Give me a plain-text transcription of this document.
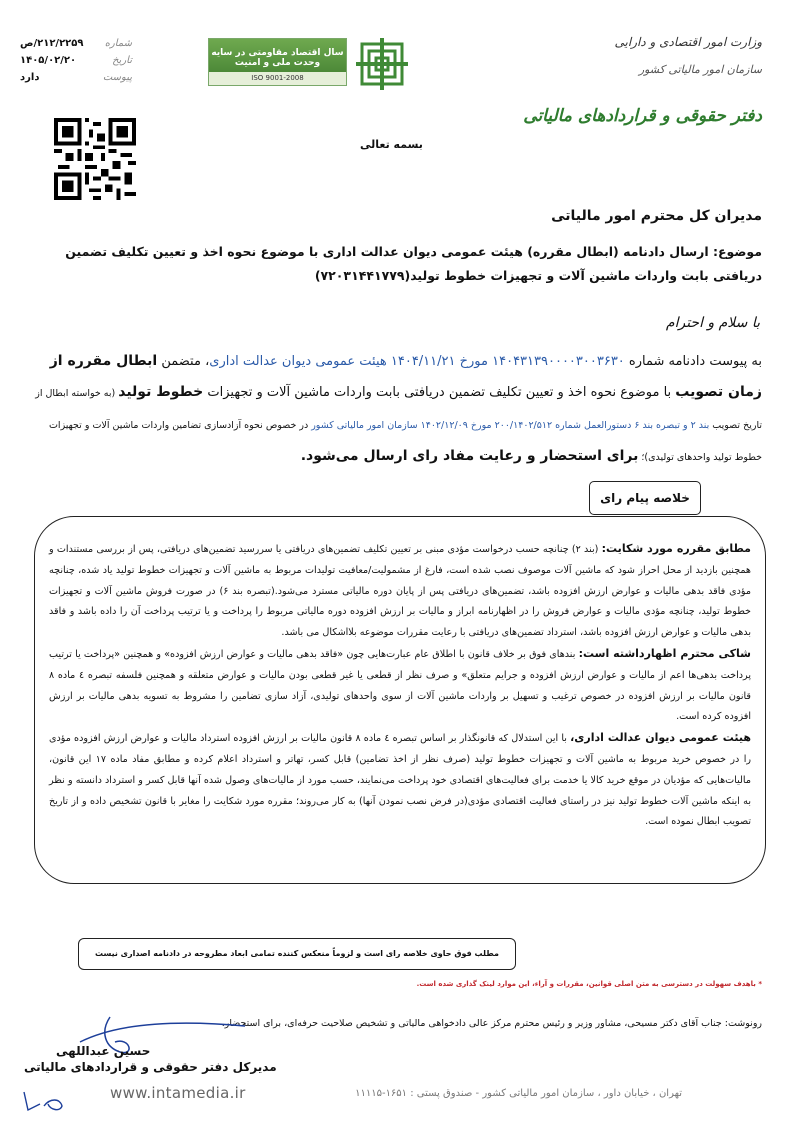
وزارت امور اقتصادی و دارایی
سازمان امور مالیاتی کشور
دفتر حقوقی و قراردادهای مالیاتی
سال اقتصاد مقاومتی در سایه وحدت ملی و امنیت
ISO 9001-2008
شماره
۲۱۲/۲۲۵۹/ص
تاریخ
۱۴۰۵/۰۲/۲۰
پیوست
دارد
بسمه تعالی
مدیران کل محترم امور مالیاتی
موضوع: ارسال دادنامه (ابطال مقرره) هیئت عمومی دیوان عدالت اداری با موضوع نحوه اخذ و تعیین تکلیف تضمین دریافتی بابت واردات ماشین آلات و تجهیزات خطوط تولید(۷۲۰۳۱۴۴۱۷۷۹)
با سلام و احترام
به پیوست دادنامه شماره ۱۴۰۴۳۱۳۹۰۰۰۰۳۰۰۳۶۳۰ مورخ ۱۴۰۴/۱۱/۲۱ هیئت عمومی دیوان عدالت اداری، متضمن ابطال مقرره از زمان تصویب با موضوع نحوه اخذ و تعیین تکلیف تضمین دریافتی بابت واردات ماشین آلات و تجهیزات خطوط تولید (به خواسته ابطال از تاریخ تصویب بند ۲ و تبصره بند ۶ دستورالعمل شماره ۲۰۰/۱۴۰۲/۵۱۲ مورخ ۱۴۰۲/۱۲/۰۹ سازمان امور مالیاتی کشور در خصوص نحوه آزادسازی تضامین واردات ماشین آلات و تجهیزات خطوط تولید واحدهای تولیدی)؛ برای استحضار و رعایت مفاد رای ارسال می‌شود.
خلاصه پیام رای
مطابق مقرره مورد شکایت: (بند ۲) چنانچه حسب درخواست مؤدی مبنی بر تعیین تکلیف تضمین‌های دریافتی یا سررسید تضمین‌های دریافتی، پس از بررسی مستندات و همچنین بازدید از محل احراز شود که ماشین آلات موصوف نصب شده است، فارغ از مشمولیت/معافیت تولیدات مربوط به ماشین آلات و تجهیزات خطوط تولید یاد شده، چنانچه مؤدی فاقد بدهی مالیات و عوارض ارزش افزوده باشد، تضمین‌های دریافتی پس از پایان دوره مالیاتی مسترد می‌شود.(تبصره بند ۶) در صورت فروش ماشین آلات و تجهیزات خطوط تولید، چنانچه مؤدی مالیات و عوارض فروش را در اظهارنامه ابراز و مالیات بر ارزش افزوده دوره مالیاتی مربوط را پرداخت و یا ترتیب پرداخت آن را داده باشد و فاقد بدهی مالیات و عوارض ارزش افزوده باشد، استرداد تضمین‌های دریافتی با رعایت مقررات موضوعه بلااشکال می باشد.
شاکی محترم اظهارداشته است: بندهای فوق بر خلاف قانون با اطلاق عام عبارت‌هایی چون «فاقد بدهی مالیات و عوارض ارزش افزوده» و همچنین «پرداخت یا ترتیب پرداخت بدهی‌ها اعم از مالیات و عوارض ارزش افزوده و جرایم متعلق» و صرف نظر از قطعی یا غیر قطعی بودن مالیات و عوارض متعلقه و همچنین فلسفه تبصره ٤ ماده ٨ قانون مالیات بر ارزش افزوده در خصوص ترغیب و تسهیل بر واردات ماشین آلات از سوی واحدهای تولیدی، آزاد سازی تضامین را مشروط به تسویه بدهی مالیات بر ارزش افزوده کرده است.
هیئت عمومی دیوان عدالت اداری، با این استدلال که قانونگذار بر اساس تبصره ٤ ماده ٨ قانون مالیات بر ارزش افزوده استرداد مالیات و عوارض ارزش افزوده مؤدی را در خصوص خرید مربوط به ماشین آلات و تجهیزات خطوط تولید (صرف نظر از اخذ تضامین) قابل کسر، تهاتر و استرداد اعلام کرده و مطابق مفاد ماده ۱۷ این قانون، مالیات‌هایی که مؤدیان در موقع خرید کالا یا خدمت برای فعالیت‌های اقتصادی خود پرداخت می‌نمایند، حسب مورد از مالیات‌های وصول شده آنها قابل کسر و استرداد دانسته و نظر به اینکه ماشین آلات خطوط تولید نیز در راستای فعالیت اقتصادی مؤدی(در فرض نصب نمودن آنها) به کار می‌روند؛ مقرره مورد شکایت را مغایر با قانون تشخیص داده و از تاریخ تصویب ابطال نموده است.
مطلب فوق حاوی خلاصه رای است و لزوماً منعکس کننده تمامی ابعاد مطروحه در دادنامه اصداری نیست
* باهدف سهولت در دسترسی به متن اصلی قوانین، مقررات و آراء، این موارد لینک گذاری شده است.
رونوشت: جناب آقای دکتر مسیحی، مشاور وزیر و رئیس محترم مرکز عالی دادخواهی مالیاتی و تشخیص صلاحیت حرفه‌ای، برای استحضار.
حسین عبداللهی
مدیرکل دفتر حقوقی و قراردادهای مالیاتی
www.intamedia.ir	تهران ، خیابان داور ، سازمان امور مالیاتی کشور - صندوق پستی : ۱۶۵۱-۱۱۱۱۵
